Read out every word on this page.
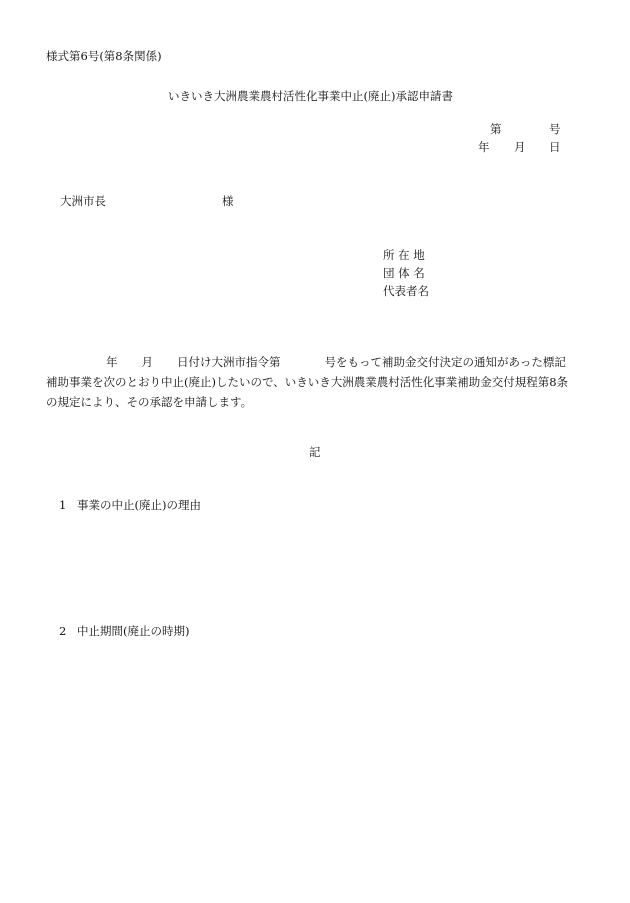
様式第6号(第8条関係)
いきいき大洲農業農村活性化事業中止(廃止)承認申請書
第	号
年 月 日
大洲市長	様
所 在 地
団 体 名
代表者名
年 月 日付け大洲市指令第	号をもって補助金交付決定の通知があった標記
補助事業を次のとおり中止(廃止)したいので、いきいき大洲農業農村活性化事業補助金交付規程第8条
の規定により、その承認を申請します。
記
1 事業の中止(廃止)の理由
2 中止期間(廃止の時期)
